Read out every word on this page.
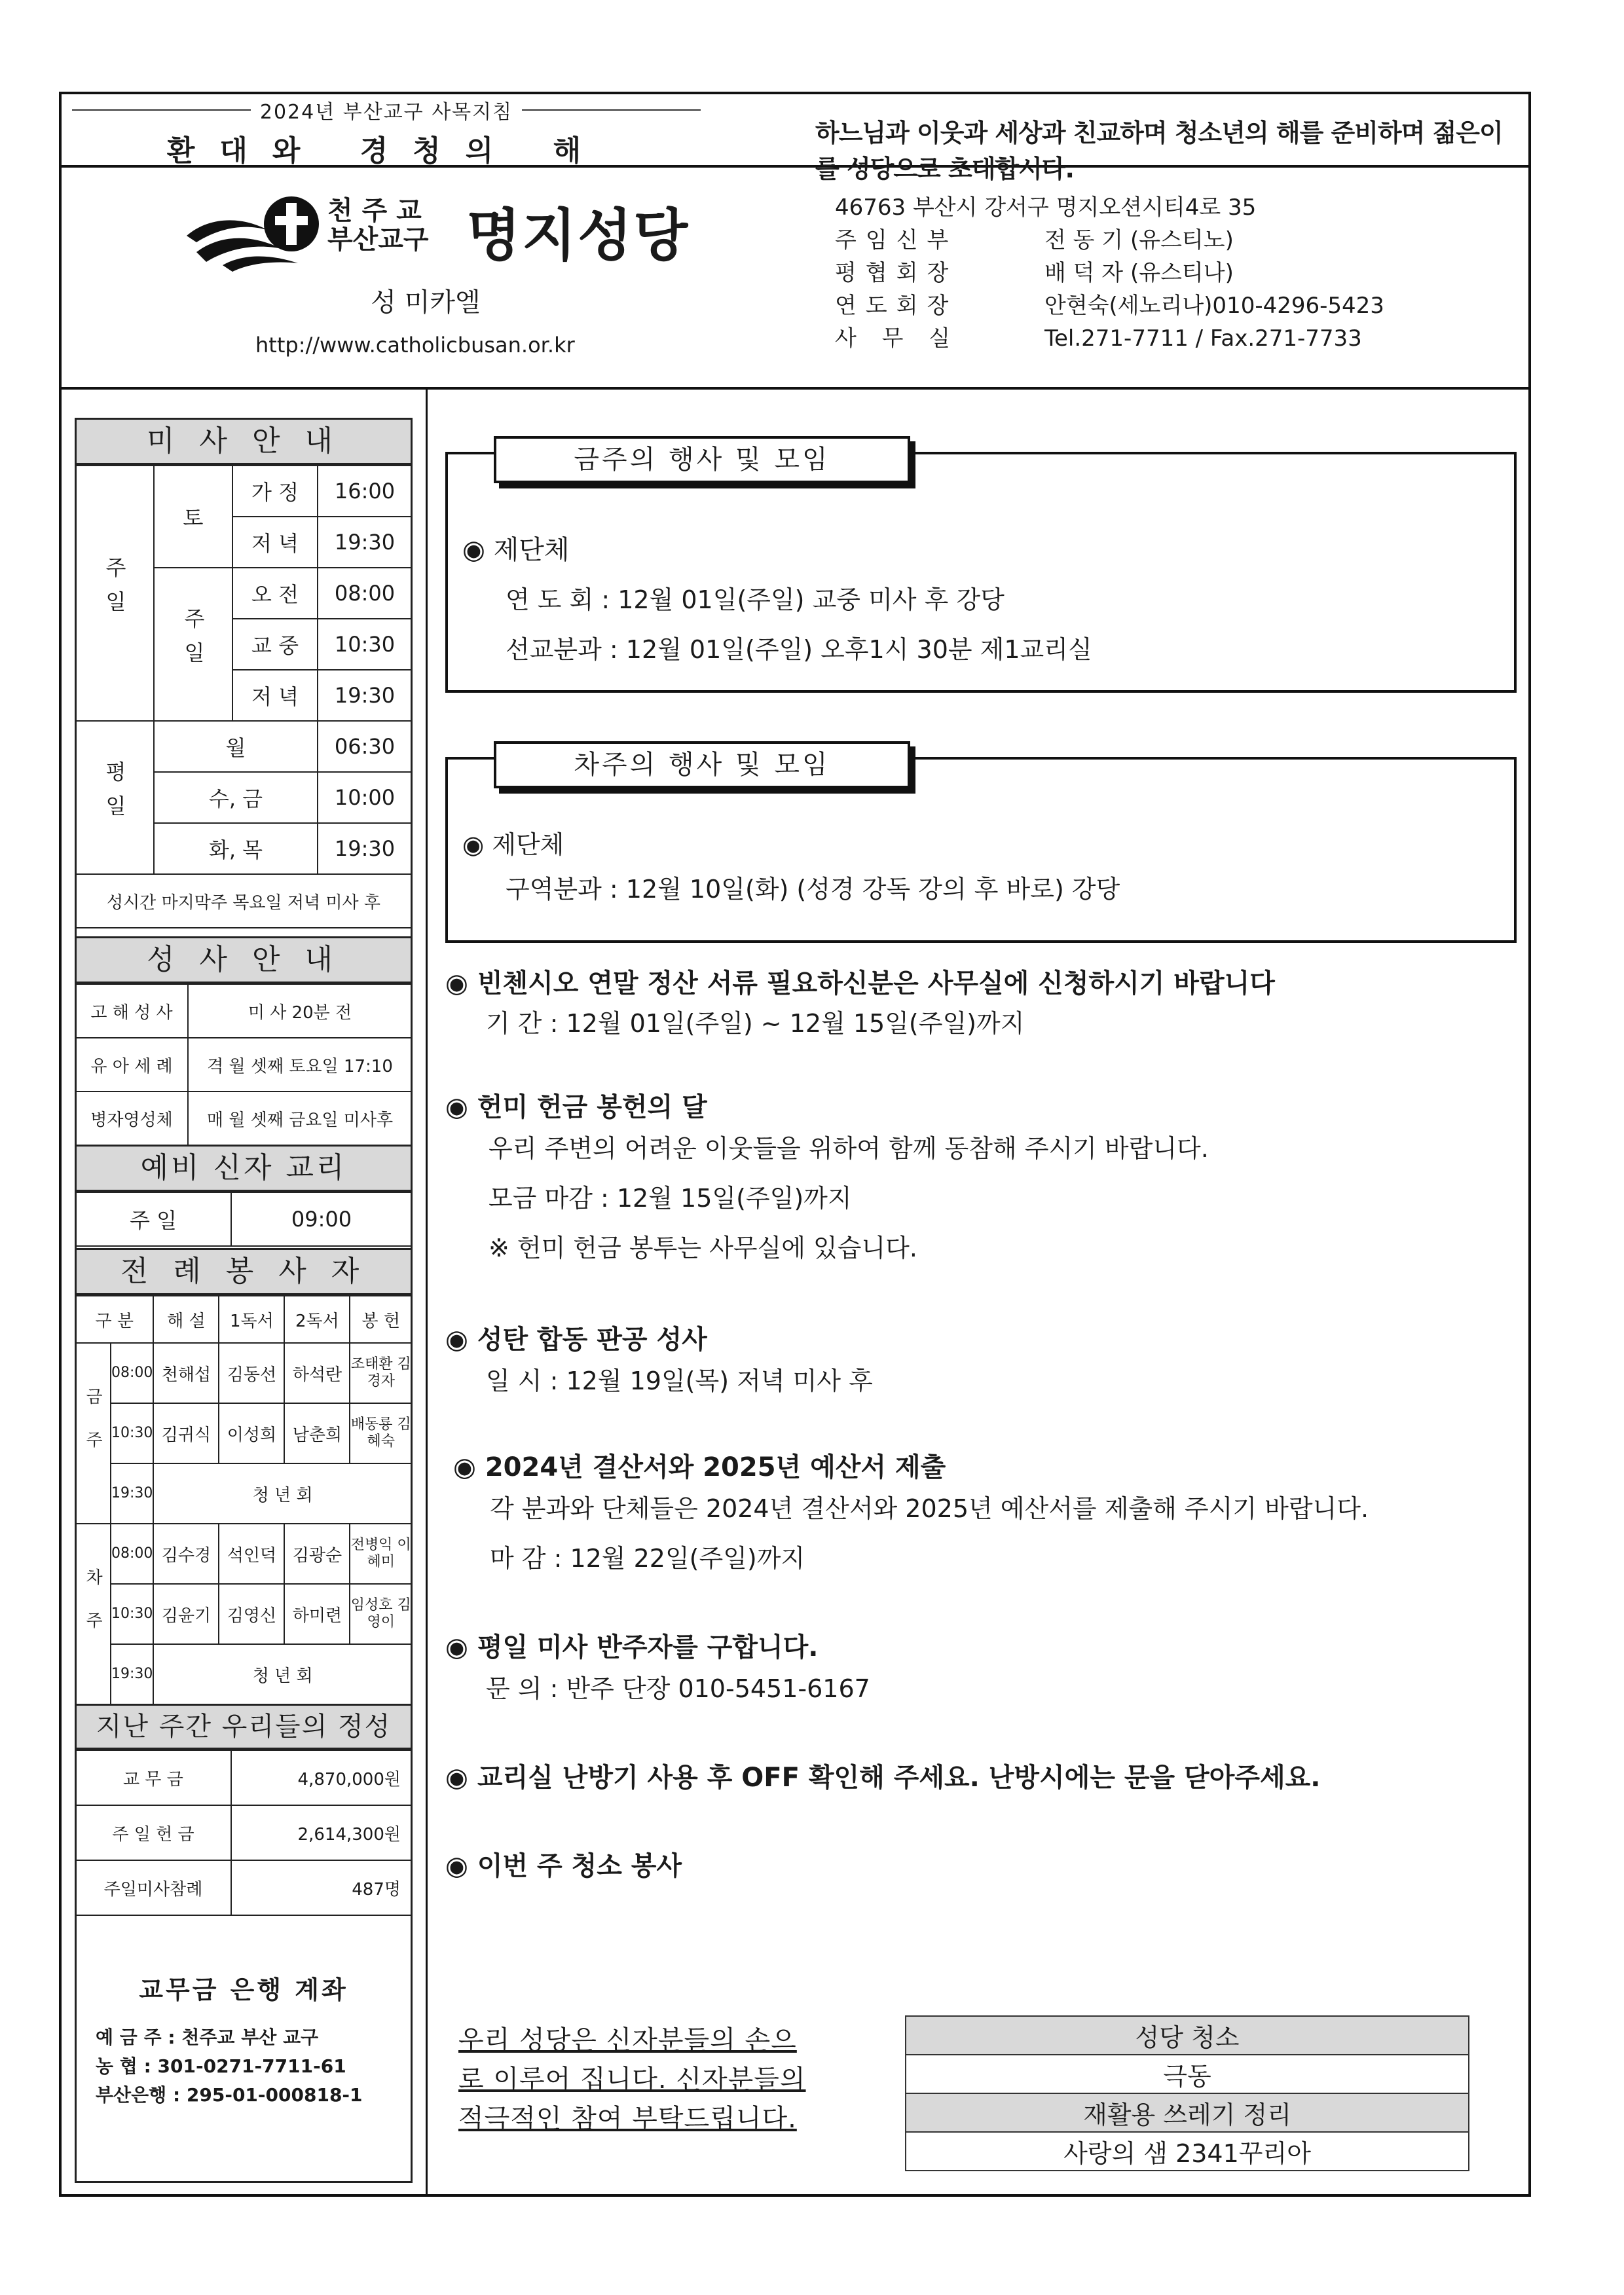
2024년 부산교구 사목지침
환대와 경청의 해
하느님과 이웃과 세상과 친교하며 청소년의 해를 준비하며 젊은이를 성당으로 초대합시다.
천 주 교
부산교구 명지성당
성 미카엘
http://www.catholicbusan.or.kr
46763 부산시 강서구 명지오션시티4로 35
주임신부	전 동 기 (유스티노)
평협회장	배 덕 자 (유스티나)
연도회장	안현숙(세노리나)010-4296-5423
사 무 실	Tel.271-7711 / Fax.271-7733
미 사 안 내
주일	토	가 정	16:00
		저 녁	19:30
	주일	오 전	08:00
		교 중	10:30
		저 녁	19:30
평일	월		06:30
	수, 금		10:00
	화, 목		19:30
성시간 마지막주 목요일 저녁 미사 후			
성 사 안 내
고 해 성 사	미 사 20분 전
유 아 세 례	격 월 셋째 토요일 17:10
병자영성체	매 월 셋째 금요일 미사후
예비 신자 교리
주 일	09:00
전 례 봉 사 자
구 분		해 설	1독서	2독서	봉 헌
금주	08:00	천해섭	김동선	하석란	조태환 김경자
	10:30	김귀식	이성희	남춘희	배동룡 김혜숙
	19:30	청 년 회			
차주	08:00	김수경	석인덕	김광순	전병익 이혜미
	10:30	김윤기	김영신	하미련	임성호 김영이
	19:30	청 년 회			
지난 주간 우리들의 정성
교 무 금	4,870,000원
주 일 헌 금	2,614,300원
주일미사참례	487명
교무금 은행 계좌
예 금 주 : 천주교 부산 교구
농 협 : 301-0271-7711-61
부산은행 : 295-01-000818-1
금주의 행사 및 모임
◉ 제단체
연 도 회 : 12월 01일(주일) 교중 미사 후 강당
선교분과 : 12월 01일(주일) 오후1시 30분 제1교리실
차주의 행사 및 모임
◉ 제단체
구역분과 : 12월 10일(화) (성경 강독 강의 후 바로) 강당
◉ 빈첸시오 연말 정산 서류 필요하신분은 사무실에 신청하시기 바랍니다
기 간 : 12월 01일(주일) ~ 12월 15일(주일)까지
◉ 헌미 헌금 봉헌의 달
우리 주변의 어려운 이웃들을 위하여 함께 동참해 주시기 바랍니다.
모금 마감 : 12월 15일(주일)까지
※ 헌미 헌금 봉투는 사무실에 있습니다.
◉ 성탄 합동 판공 성사
일 시 : 12월 19일(목) 저녁 미사 후
◉ 2024년 결산서와 2025년 예산서 제출
각 분과와 단체들은 2024년 결산서와 2025년 예산서를 제출해 주시기 바랍니다.
마 감 : 12월 22일(주일)까지
◉ 평일 미사 반주자를 구합니다.
문 의 : 반주 단장 010-5451-6167
◉ 교리실 난방기 사용 후 OFF 확인해 주세요. 난방시에는 문을 닫아주세요.
◉ 이번 주 청소 봉사
우리 성당은 신자분들의 손으
로 이루어 집니다. 신자분들의
적극적인 참여 부탁드립니다.
성당 청소
극동
재활용 쓰레기 정리
사랑의 샘 2341꾸리아
